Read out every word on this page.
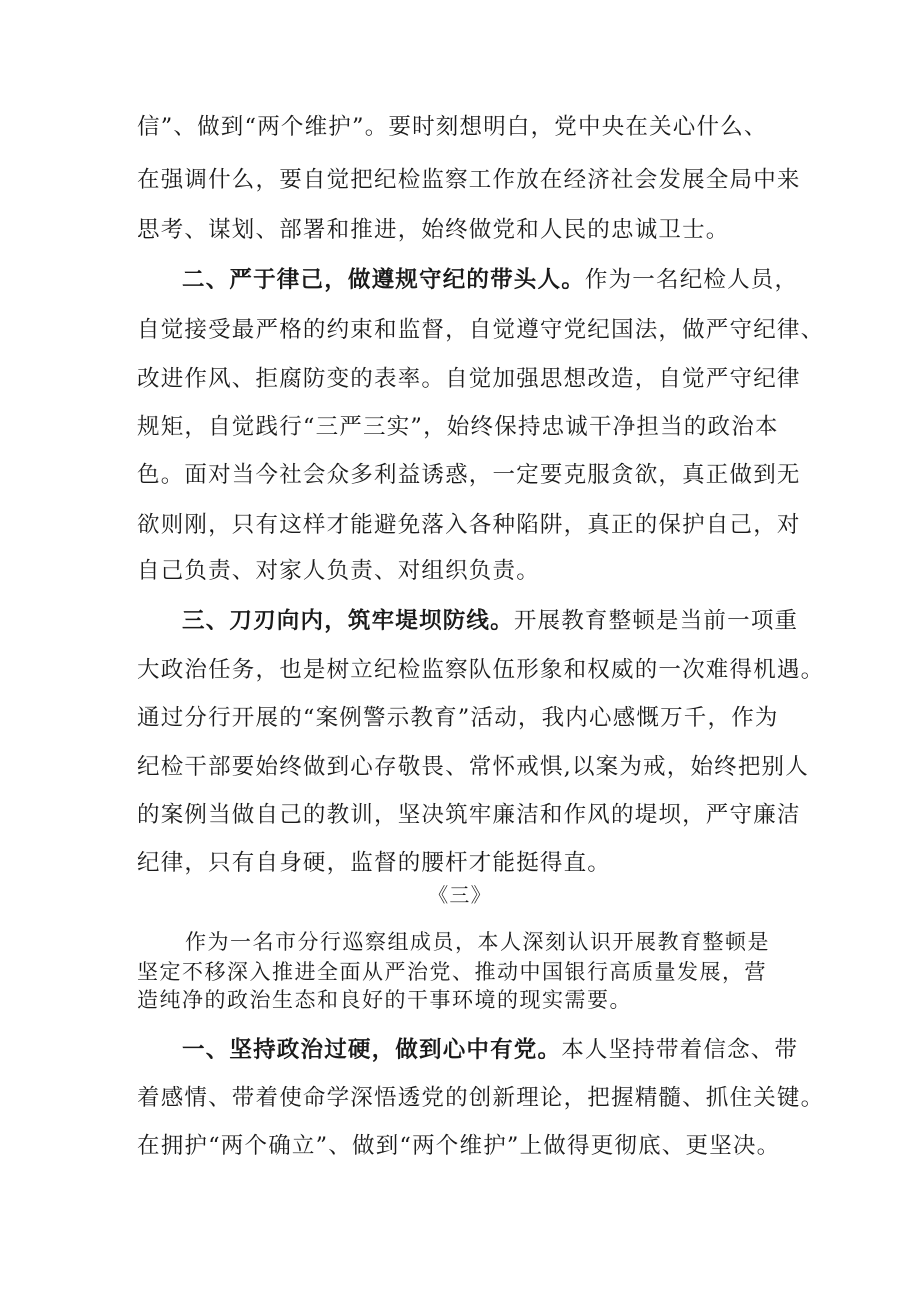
信”、做到“两个维护”。要时刻想明白，党中央在关心什么、
在强调什么，要自觉把纪检监察工作放在经济社会发展全局中来
思考、谋划、部署和推进，始终做党和人民的忠诚卫士。
二、严于律己，做遵规守纪的带头人。作为一名纪检人员，
自觉接受最严格的约束和监督，自觉遵守党纪国法，做严守纪律、
改进作风、拒腐防变的表率。自觉加强思想改造，自觉严守纪律
规矩，自觉践行“三严三实”，始终保持忠诚干净担当的政治本
色。面对当今社会众多利益诱惑，一定要克服贪欲，真正做到无
欲则刚，只有这样才能避免落入各种陷阱，真正的保护自己，对
自己负责、对家人负责、对组织负责。
三、刀刃向内，筑牢堤坝防线。开展教育整顿是当前一项重
大政治任务，也是树立纪检监察队伍形象和权威的一次难得机遇。
通过分行开展的“案例警示教育”活动，我内心感慨万千，作为
纪检干部要始终做到心存敬畏、常怀戒惧,以案为戒，始终把别人
的案例当做自己的教训，坚决筑牢廉洁和作风的堤坝，严守廉洁
纪律，只有自身硬，监督的腰杆才能挺得直。
《三》
作为一名市分行巡察组成员，本人深刻认识开展教育整顿是
坚定不移深入推进全面从严治党、推动中国银行高质量发展，营
造纯净的政治生态和良好的干事环境的现实需要。
一、坚持政治过硬，做到心中有党。本人坚持带着信念、带
着感情、带着使命学深悟透党的创新理论，把握精髓、抓住关键。
在拥护“两个确立”、做到“两个维护”上做得更彻底、更坚决。
